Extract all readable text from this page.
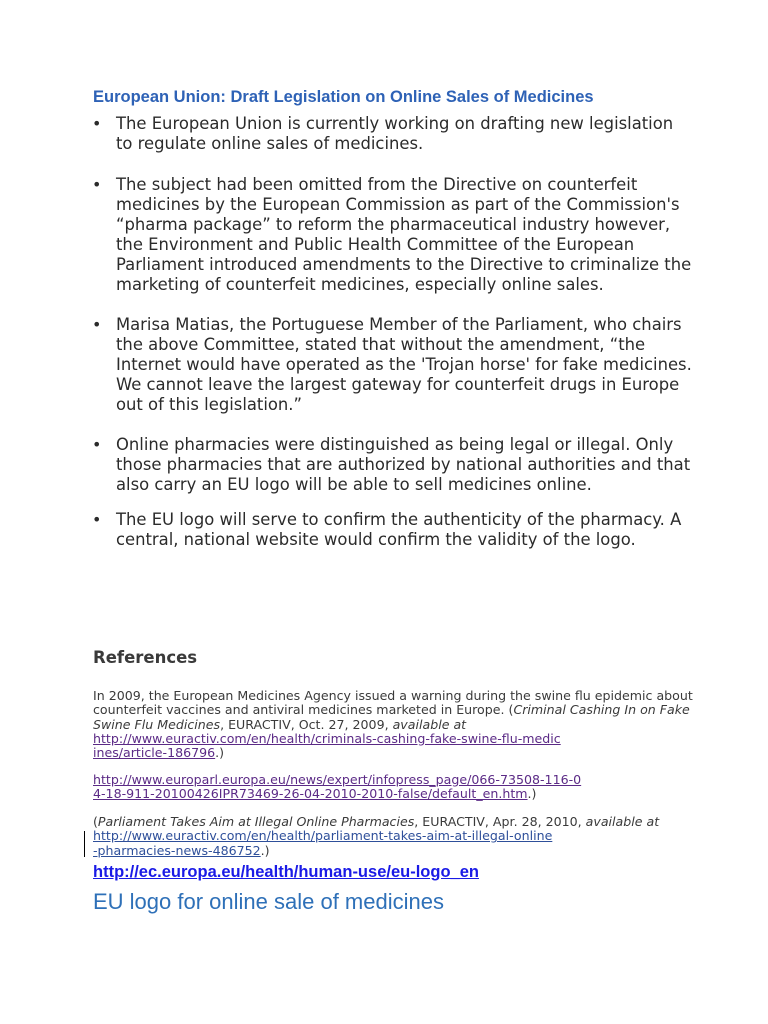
European Union: Draft Legislation on Online Sales of Medicines
• The European Union is currently working on drafting new legislation to regulate online sales of medicines.
• The subject had been omitted from the Directive on counterfeit medicines by the European Commission as part of the Commission's “pharma package” to reform the pharmaceutical industry however, the Environment and Public Health Committee of the European Parliament introduced amendments to the Directive to criminalize the marketing of counterfeit medicines, especially online sales.
• Marisa Matias, the Portuguese Member of the Parliament, who chairs the above Committee, stated that without the amendment, “the Internet would have operated as the 'Trojan horse' for fake medicines. We cannot leave the largest gateway for counterfeit drugs in Europe out of this legislation.”
• Online pharmacies were distinguished as being legal or illegal. Only those pharmacies that are authorized by national authorities and that also carry an EU logo will be able to sell medicines online.
• The EU logo will serve to confirm the authenticity of the pharmacy. A central, national website would confirm the validity of the logo.
References

In 2009, the European Medicines Agency issued a warning during the swine flu epidemic about counterfeit vaccines and antiviral medicines marketed in Europe. (Criminal Cashing In on Fake Swine Flu Medicines, EURACTIV, Oct. 27, 2009, available at http://www.euractiv.com/en/health/criminals-cashing-fake-swine-flu-medic
ines/article-186796.)

http://www.europarl.europa.eu/news/expert/infopress_page/066-73508-116-0
4-18-911-20100426IPR73469-26-04-2010-2010-false/default_en.htm.)

(Parliament Takes Aim at Illegal Online Pharmacies, EURACTIV, Apr. 28, 2010, available at http://www.euractiv.com/en/health/parliament-takes-aim-at-illegal-online
-pharmacies-news-486752.)

http://ec.europa.eu/health/human-use/eu-logo_en

EU logo for online sale of medicines
